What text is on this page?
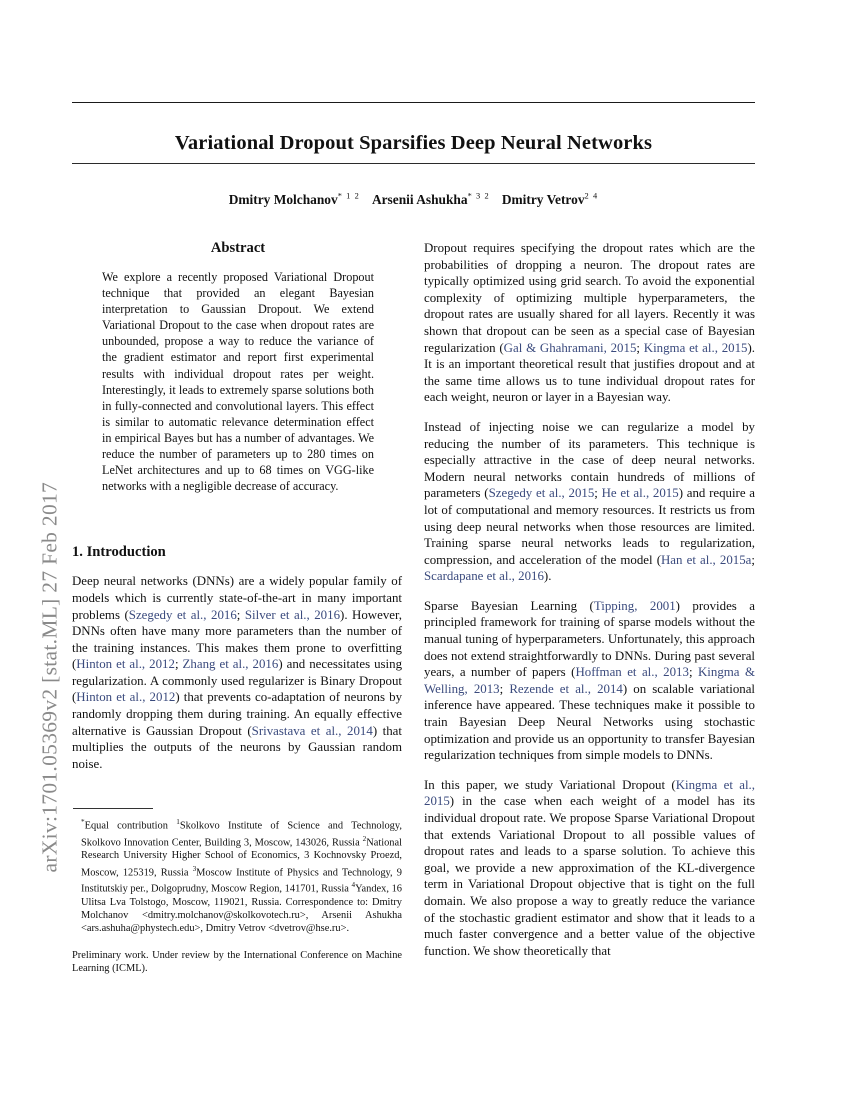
arXiv:1701.05369v2 [stat.ML] 27 Feb 2017
Variational Dropout Sparsifies Deep Neural Networks
Dmitry Molchanov$^{* 1 2}$ Arsenii Ashukha$^{* 3 2}$ Dmitry Vetrov$^{2 4}$
Abstract
We explore a recently proposed Variational Dropout technique that provided an elegant Bayesian interpretation to Gaussian Dropout. We extend Variational Dropout to the case when dropout rates are unbounded, propose a way to reduce the variance of the gradient estimator and report first experimental results with individual dropout rates per weight. Interestingly, it leads to extremely sparse solutions both in fully-connected and convolutional layers. This effect is similar to automatic relevance determination effect in empirical Bayes but has a number of advantages. We reduce the number of parameters up to 280 times on LeNet architectures and up to 68 times on VGG-like networks with a negligible decrease of accuracy.
1. Introduction

Deep neural networks (DNNs) are a widely popular family of models which is currently state-of-the-art in many important problems (Szegedy et al., 2016; Silver et al., 2016). However, DNNs often have many more parameters than the number of the training instances. This makes them prone to overfitting (Hinton et al., 2012; Zhang et al., 2016) and necessitates using regularization. A commonly used regularizer is Binary Dropout (Hinton et al., 2012) that prevents co-adaptation of neurons by randomly dropping them during training. An equally effective alternative is Gaussian Dropout (Srivastava et al., 2014) that multiplies the outputs of the neurons by Gaussian random noise.

*Equal contribution $^1$Skolkovo Institute of Science and Technology, Skolkovo Innovation Center, Building 3, Moscow, 143026, Russia $^2$National Research University Higher School of Economics, 3 Kochnovsky Proezd, Moscow, 125319, Russia $^3$Moscow Institute of Physics and Technology, 9 Institutskiy per., Dolgoprudny, Moscow Region, 141701, Russia $^4$Yandex, 16 Ulitsa Lva Tolstogo, Moscow, 119021, Russia. Correspondence to: Dmitry Molchanov <dmitry.molchanov@skolkovotech.ru>, Arsenii Ashukha <ars.ashuha@phystech.edu>, Dmitry Vetrov <dvetrov@hse.ru>.

Preliminary work. Under review by the International Conference on Machine Learning (ICML).

Dropout requires specifying the dropout rates which are the probabilities of dropping a neuron. The dropout rates are typically optimized using grid search. To avoid the exponential complexity of optimizing multiple hyperparameters, the dropout rates are usually shared for all layers. Recently it was shown that dropout can be seen as a special case of Bayesian regularization (Gal & Ghahramani, 2015; Kingma et al., 2015). It is an important theoretical result that justifies dropout and at the same time allows us to tune individual dropout rates for each weight, neuron or layer in a Bayesian way.

Instead of injecting noise we can regularize a model by reducing the number of its parameters. This technique is especially attractive in the case of deep neural networks. Modern neural networks contain hundreds of millions of parameters (Szegedy et al., 2015; He et al., 2015) and require a lot of computational and memory resources. It restricts us from using deep neural networks when those resources are limited. Training sparse neural networks leads to regularization, compression, and acceleration of the model (Han et al., 2015a; Scardapane et al., 2016).

Sparse Bayesian Learning (Tipping, 2001) provides a principled framework for training of sparse models without the manual tuning of hyperparameters. Unfortunately, this approach does not extend straightforwardly to DNNs. During past several years, a number of papers (Hoffman et al., 2013; Kingma & Welling, 2013; Rezende et al., 2014) on scalable variational inference have appeared. These techniques make it possible to train Bayesian Deep Neural Networks using stochastic optimization and provide us an opportunity to transfer Bayesian regularization techniques from simple models to DNNs.

In this paper, we study Variational Dropout (Kingma et al., 2015) in the case when each weight of a model has its individual dropout rate. We propose Sparse Variational Dropout that extends Variational Dropout to all possible values of dropout rates and leads to a sparse solution. To achieve this goal, we provide a new approximation of the KL-divergence term in Variational Dropout objective that is tight on the full domain. We also propose a way to greatly reduce the variance of the stochastic gradient estimator and show that it leads to a much faster convergence and a better value of the objective function. We show theoretically that
